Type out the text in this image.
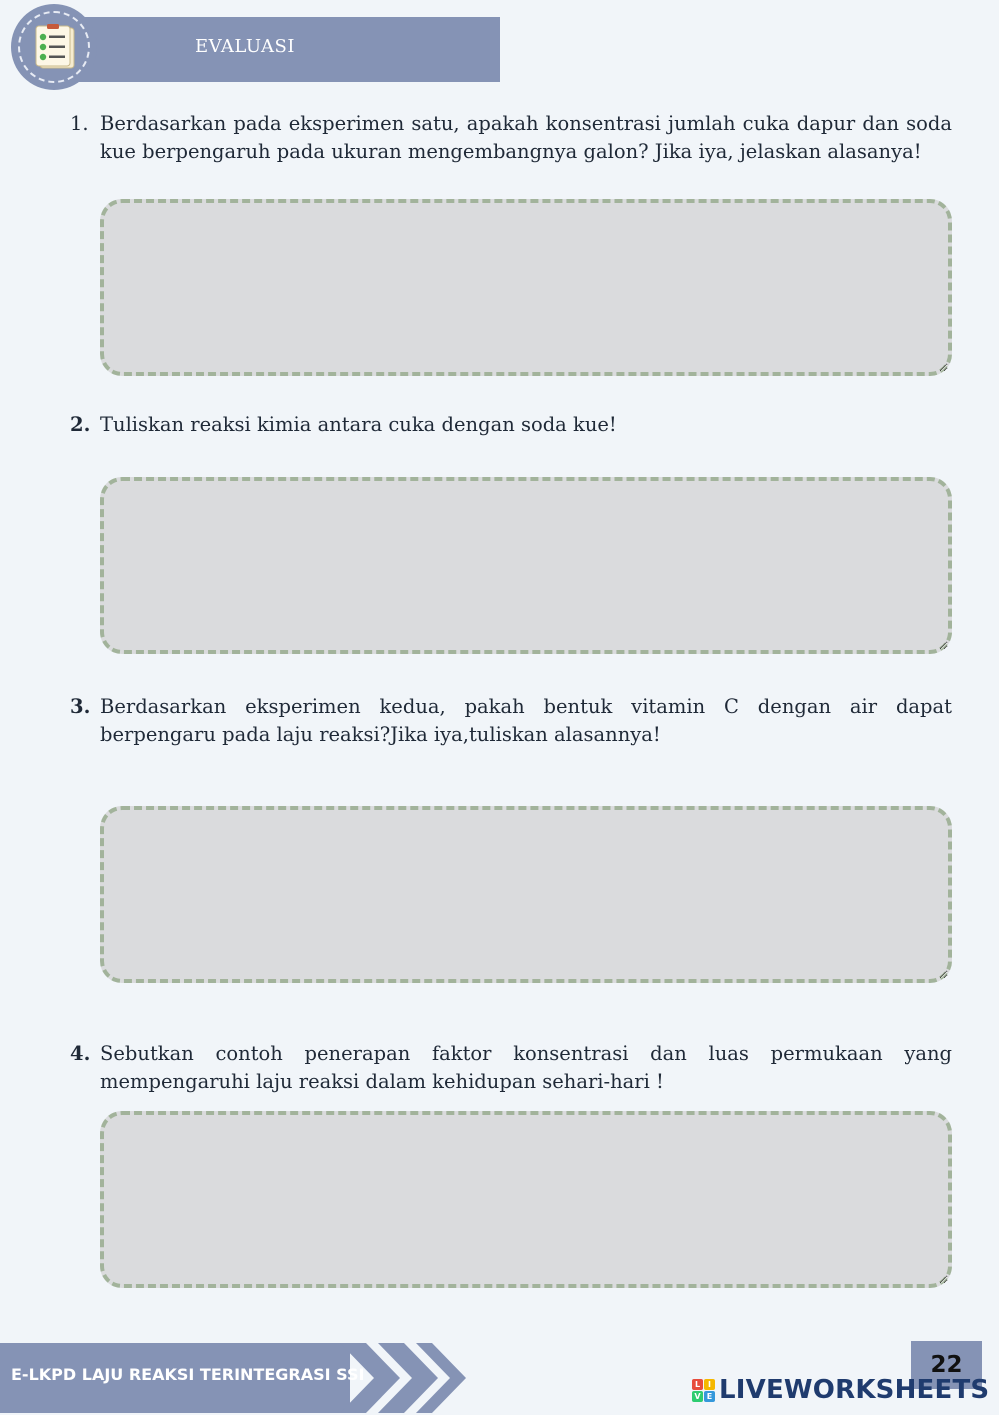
EVALUASI
1. Berdasarkan pada eksperimen satu, apakah konsentrasi jumlah cuka dapur dan soda kue berpengaruh pada ukuran mengembangnya galon? Jika iya, jelaskan alasanya!
2. Tuliskan reaksi kimia antara cuka dengan soda kue!
3. Berdasarkan eksperimen kedua, pakah bentuk vitamin C dengan air dapat berpengaru pada laju reaksi?Jika iya,tuliskan alasannya!
4. Sebutkan contoh penerapan faktor konsentrasi dan luas permukaan yang mempengaruhi laju reaksi dalam kehidupan sehari-hari !
E-LKPD LAJU REAKSI TERINTEGRASI SSI	22
L I
V E LIVEWORKSHEETS
